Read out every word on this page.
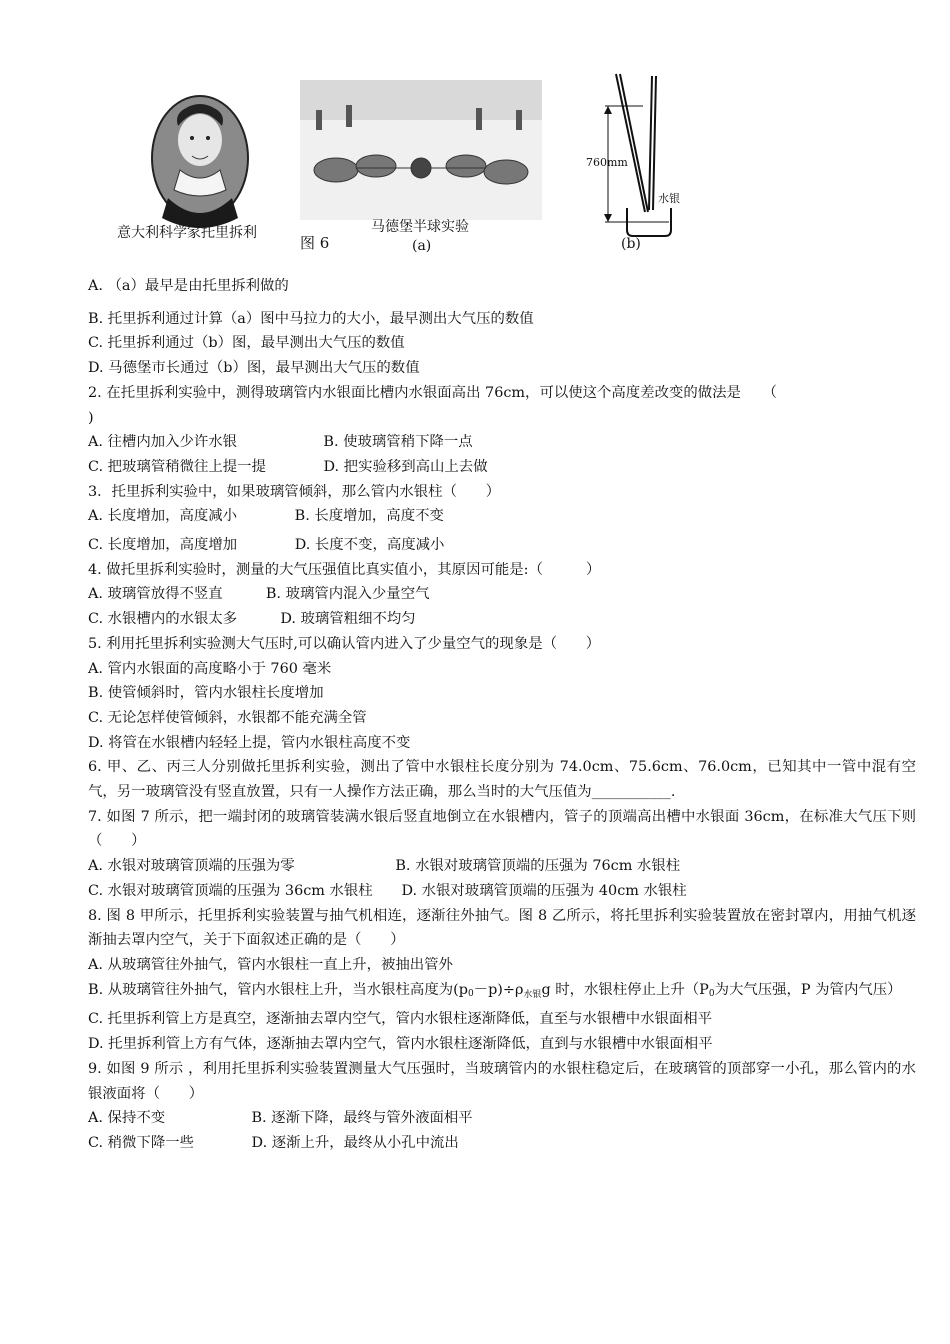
意大利科学家托里拆利
图 6
马德堡半球实验
(a)
760mm
水银
(b)
A. （a）最早是由托里拆利做的
B. 托里拆利通过计算（a）图中马拉力的大小，最早测出大气压的数值
C. 托里拆利通过（b）图，最早测出大气压的数值
D. 马德堡市长通过（b）图，最早测出大气压的数值
2. 在托里拆利实验中，测得玻璃管内水银面比槽内水银面高出 76cm，可以使这个高度差改变的做法是　　（
)
A. 往槽内加入少许水银　　　　　　B. 使玻璃管稍下降一点
C. 把玻璃管稍微往上提一提　　　　D. 把实验移到高山上去做
3．托里拆利实验中，如果玻璃管倾斜，那么管内水银柱（　　）
A. 长度增加，高度减小　　　　B. 长度增加，高度不变
C. 长度增加，高度增加　　　　D. 长度不变，高度减小
4. 做托里拆利实验时，测量的大气压强值比真实值小，其原因可能是:（　　　）
A. 玻璃管放得不竖直　　　B. 玻璃管内混入少量空气
C. 水银槽内的水银太多　　　D. 玻璃管粗细不均匀
5. 利用托里拆利实验测大气压时,可以确认管内进入了少量空气的现象是（　　）
A. 管内水银面的高度略小于 760 毫米
B. 使管倾斜时，管内水银柱长度增加
C. 无论怎样使管倾斜，水银都不能充满全管
D. 将管在水银槽内轻轻上提，管内水银柱高度不变
6. 甲、乙、丙三人分别做托里拆利实验，测出了管中水银柱长度分别为 74.0cm、75.6cm、76.0cm，已知其中一管中混有空气，另一玻璃管没有竖直放置，只有一人操作方法正确，那么当时的大气压值为___________.
7. 如图 7 所示，把一端封闭的玻璃管装满水银后竖直地倒立在水银槽内，管子的顶端高出槽中水银面 36cm，在标准大气压下则（　　）
A. 水银对玻璃管顶端的压强为零　　　　　　　B. 水银对玻璃管顶端的压强为 76cm 水银柱
C. 水银对玻璃管顶端的压强为 36cm 水银柱　　D. 水银对玻璃管顶端的压强为 40cm 水银柱
8. 图 8 甲所示，托里拆利实验装置与抽气机相连，逐渐往外抽气。图 8 乙所示，将托里拆利实验装置放在密封罩内，用抽气机逐渐抽去罩内空气，关于下面叙述正确的是（　　）
A. 从玻璃管往外抽气，管内水银柱一直上升，被抽出管外
B. 从玻璃管往外抽气，管内水银柱上升，当水银柱高度为$(p_0-p)\div\rho_{水银}g$ 时，水银柱停止上升（$P_0$为大气压强，P 为管内气压）
C. 托里拆利管上方是真空，逐渐抽去罩内空气，管内水银柱逐渐降低，直至与水银槽中水银面相平
D. 托里拆利管上方有气体，逐渐抽去罩内空气，管内水银柱逐渐降低，直到与水银槽中水银面相平
9. 如图 9 所示 ，利用托里拆利实验装置测量大气压强时，当玻璃管内的水银柱稳定后，在玻璃管的顶部穿一小孔，那么管内的水银液面将（　　）
A. 保持不变　　　　　　B. 逐渐下降，最终与管外液面相平
C. 稍微下降一些　　　　D. 逐渐上升，最终从小孔中流出
